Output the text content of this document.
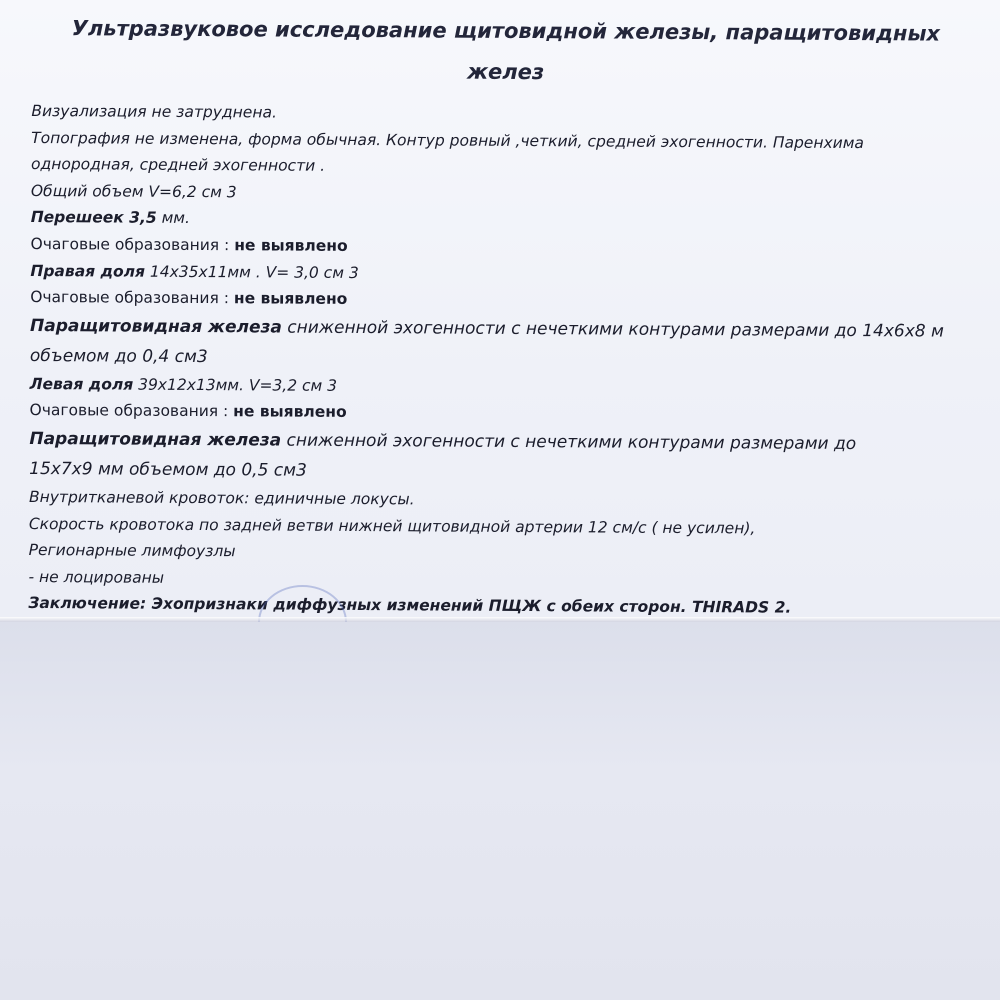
Ультразвуковое исследование щитовидной железы, паращитовидных
желез
Визуализация не затруднена.
Топография не изменена, форма обычная. Контур ровный ,четкий, средней эхогенности. Паренхима
однородная, средней эхогенности .
Общий объем V=6,2 см 3
Перешеек 3,5 мм.
Очаговые образования : не выявлено
Правая доля 14х35х11мм . V= 3,0 см 3
Очаговые образования : не выявлено
Паращитовидная железа сниженной эхогенности с нечеткими контурами размерами до 14х6х8 м
объемом до 0,4 см3
Левая доля 39х12х13мм. V=3,2 см 3
Очаговые образования : не выявлено
Паращитовидная железа сниженной эхогенности с нечеткими контурами размерами до
15х7х9 мм объемом до 0,5 см3
Внутритканевой кровоток: единичные локусы.
Скорость кровотока по задней ветви нижней щитовидной артерии 12 см/с ( не усилен),
Регионарные лимфоузлы
- не лоцированы
Заключение: Эхопризнаки диффузных изменений ПЩЖ с обеих сторон. THIRADS 2.
